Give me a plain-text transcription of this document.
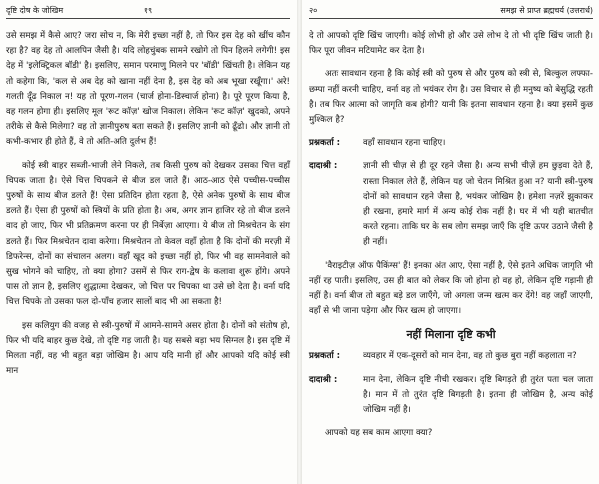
दृष्टि दोष के जोखिम	१९

उसे समझ में कैसे आए? जरा सोच न, कि मेरी इच्छा नहीं है, तो फिर इस देह को खींच कौन रहा है? वह देह तो आलपिन जैसी है। यदि लोहचुंबक सामने रखोगे तो पिन हिलने लगेगी! इस देह में 'इलेक्ट्रिकल बॉडी' है। इसलिए, समान परमाणु मिलने पर 'बॉडी' खिंचती है। लेकिन यह तो कहेगा कि, 'कल से अब देह को खाना नहीं देना है, इस देह को अब भूखा रखूँगा।' अरे! गलती दूँढ निकाल न! यह तो पूरण-गलन (चार्ज होना-डिस्चार्ज होना) है। पूरे पूरण किया है, वह गलन होगा ही। इसलिए मूल 'रूट कॉज़' खोज निकाल। लेकिन 'रूट कॉज़' खुदको, अपने तरीके से कैसे मिलेगा? वह तो ज्ञानीपुरुष बता सकते हैं। इसलिए ज्ञानी को ढूँढो। और ज्ञानी तो कभी-कभार ही होते हैं, वे तो अति-अति दुर्लभ हैं!

कोई स्त्री बाहर सब्जी-भाजी लेने निकले, तब किसी पुरुष को देखकर उसका चित्त वहाँ चिपक जाता है। ऐसे चित्त चिपकने से बीज डल जाते हैं। आठ-आठ ऐसे पच्चीस-पच्चीस पुरुषों के साथ बीज डलते हैं! ऐसा प्रतिदिन होता रहता है, ऐसे अनेक पुरुषों के साथ बीज डलते हैं। ऐसा ही पुरुषों को स्त्रियों के प्रति होता है। अब, अगर ज्ञान हाजिर रहे तो बीज डलने वाद हो जाए, फिर भी प्रतिक्रमण करना पर ही निर्बेज़ा आएगा। ये बीज तो मिश्रचेतन के संग डलते हैं। फिर मिश्रचेतन दावा करेगा। मिश्रचेतन तो केवल वहाँ होता है कि दोनों की मरज़ी में डिफरेन्स, दोनों का संचालन अलग। वहाँ खूद को इच्छा नहीं हो, फिर भी वह सामनेवाले को सुख भोगने को चाहिए, तो क्या होगा? उसमें से फिर राग-द्वेष के कलावा शुरू होंगे। अपने पास तो ज्ञान है, इसलिए शुद्धात्मा देखकर, जो चित्त पर चिपका था उसे छो देता है। वर्ना यदि चित्त चिपके तो उसका फल दो-पाँच हजार सालों बाद भी आ सकता है!

इस कलियुग की वजह से स्त्री-पुरुषों में आमने-सामने असर होता है। दोनों को संतोष हो, फिर भी यदि बाहर कुछ देखे, तो दृष्टि गड़ जाती है। यह सबसे बड़ा भय सिग्नल है। इस दृष्टि में मिलता नहीं, वह भी बहुत बड़ा जोखिम है। आप यदि मानी हों और आपको यदि कोई स्त्री मान

२०	समझ से प्राप्त ब्रह्मचर्य (उत्तरार्ध)

दे तो आपको दृष्टि खिंच जाएगी। कोई लोभी हो और उसे लोभ दे तो भी दृष्टि खिंच जाती है। फिर पूरा जीवन मटियामेट कर देता है।

अतः सावधान रहना है कि कोई स्त्री को पुरुष से और पुरुष को स्त्री से, बिल्कुल लफ्फा-छम्पा नहीं करनी चाहिए, वर्ना वह तो भयंकर रोग है। उस विचार से ही मनुष्य को बेसुद्धि रहती है। तब फिर आत्मा को जागृति कब होगी? यानी कि इतना सावधान रहना है। क्या इसमें कुछ मुश्किल है?

प्रश्नकर्ता :	वहाँ सावधान रहना चाहिए।

दादाश्री :	ज्ञानी सी चीज़ से ही दूर रहने जैसा है। अन्य सभी चीज़ें हम छुड़वा देते हैं, रास्ता निकाल लेते हैं, लेकिन यह जो चेतन मिश्रित हुआ न? यानी स्त्री-पुरुष दोनों को सावधान रहने जैसा है, भयंकर जोखिम है। हमेशा नज़रें झुकाकर ही रखना, हमारे मार्ग में अन्य कोई रोक नहीं है। घर में भी यही बातचीत करते रहना। ताकि घर के सब लोग समझ जाएँ कि दृष्टि ऊपर उठाने जैसी है ही नहीं।

'वैराइटीज़ ऑफ पैकिंग्स' हैं! इनका अंत आए, ऐसा नहीं है, ऐसे इतने अधिक जागृति भी नहीं रह पाती। इसलिए, उस ही बात को लेकर कि जो होना हो वह हो, लेकिन दृष्टि गड़ानी ही नहीं है। वर्ना बीज तो बहुत बड़े डल जाएँगे, जो अगला जन्म खत्म कर देंगे! वह जहाँ जाएगी, वहाँ से भी जाना पड़ेगा और फिर खत्म हो जाएगा।

नहीं मिलाना दृष्टि कभी

प्रश्नकर्ता :	व्यवहार में एक-दूसरों को मान देना, वह तो कुछ बुरा नहीं कहलाता न?

दादाश्री :	मान देना, लेकिन दृष्टि नीची रखकर। दृष्टि बिगड़ते ही तुरंत पता चल जाता है। मान में तो तुरंत दृष्टि बिगड़ती है। इतना ही जोखिम है, अन्य कोई जोखिम नहीं है।

आपको यह सब काम आएगा क्या?
